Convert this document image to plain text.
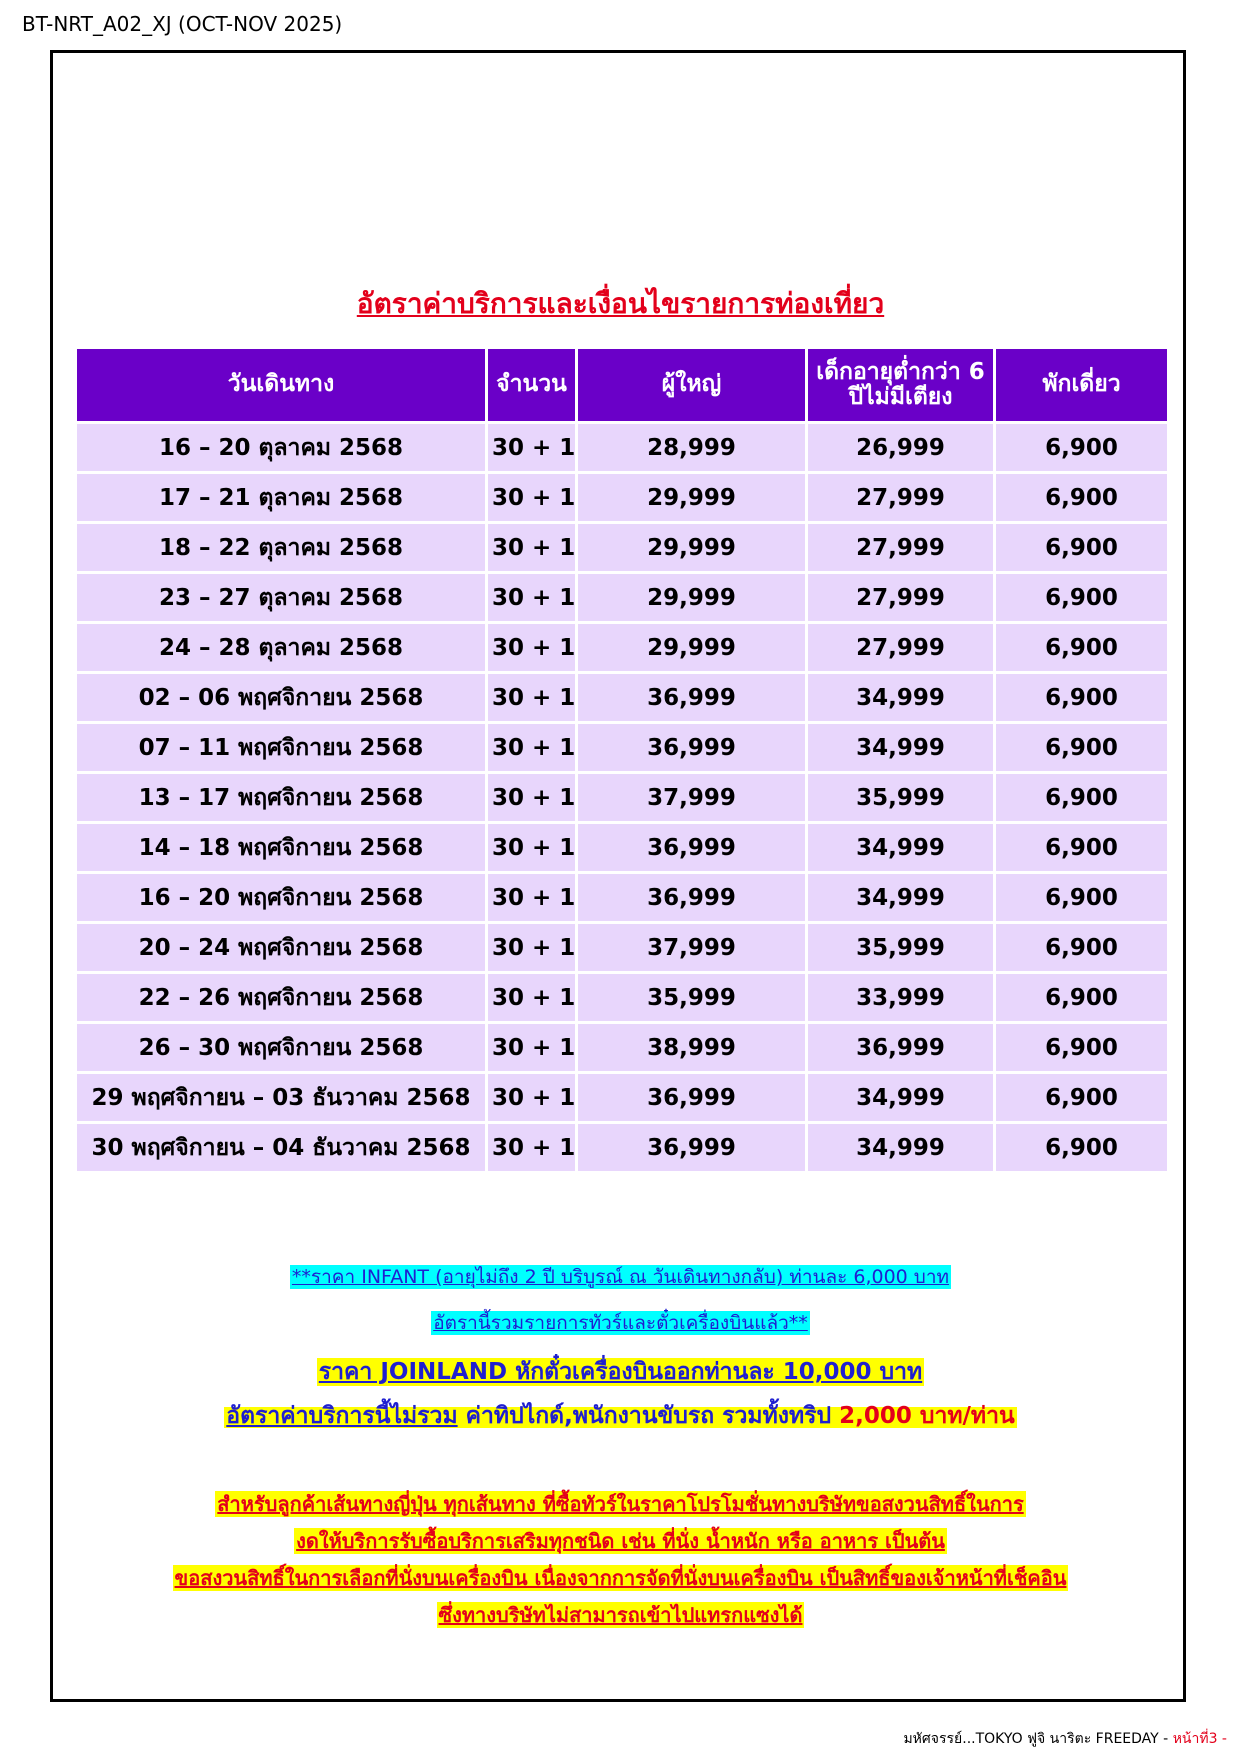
BT-NRT_A02_XJ (OCT-NOV 2025)
อัตราค่าบริการและเงื่อนไขรายการท่องเที่ยว
วันเดินทาง	จำนวน	ผู้ใหญ่	เด็กอายุต่ำกว่า 6 ปีไม่มีเตียง	พักเดี่ยว
16 – 20 ตุลาคม 2568	30 + 1	28,999	26,999	6,900
17 – 21 ตุลาคม 2568	30 + 1	29,999	27,999	6,900
18 – 22 ตุลาคม 2568	30 + 1	29,999	27,999	6,900
23 – 27 ตุลาคม 2568	30 + 1	29,999	27,999	6,900
24 – 28 ตุลาคม 2568	30 + 1	29,999	27,999	6,900
02 – 06 พฤศจิกายน 2568	30 + 1	36,999	34,999	6,900
07 – 11 พฤศจิกายน 2568	30 + 1	36,999	34,999	6,900
13 – 17 พฤศจิกายน 2568	30 + 1	37,999	35,999	6,900
14 – 18 พฤศจิกายน 2568	30 + 1	36,999	34,999	6,900
16 – 20 พฤศจิกายน 2568	30 + 1	36,999	34,999	6,900
20 – 24 พฤศจิกายน 2568	30 + 1	37,999	35,999	6,900
22 – 26 พฤศจิกายน 2568	30 + 1	35,999	33,999	6,900
26 – 30 พฤศจิกายน 2568	30 + 1	38,999	36,999	6,900
29 พฤศจิกายน – 03 ธันวาคม 2568	30 + 1	36,999	34,999	6,900
30 พฤศจิกายน – 04 ธันวาคม 2568	30 + 1	36,999	34,999	6,900
**ราคา INFANT (อายุไม่ถึง 2 ปี บริบูรณ์ ณ วันเดินทางกลับ) ท่านละ 6,000 บาท
อัตรานี้รวมรายการทัวร์และตั๋วเครื่องบินแล้ว**
ราคา JOINLAND หักตั๋วเครื่องบินออกท่านละ 10,000 บาท
อัตราค่าบริการนี้ไม่รวม ค่าทิปไกด์,พนักงานขับรถ รวมทั้งทริป 2,000 บาท/ท่าน
สำหรับลูกค้าเส้นทางญี่ปุ่น ทุกเส้นทาง ที่ซื้อทัวร์ในราคาโปรโมชั่นทางบริษัทขอสงวนสิทธิ์ในการ
งดให้บริการรับซื้อบริการเสริมทุกชนิด เช่น ที่นั่ง น้ำหนัก หรือ อาหาร เป็นต้น
ขอสงวนสิทธิ์ในการเลือกที่นั่งบนเครื่องบิน เนื่องจากการจัดที่นั่งบนเครื่องบิน เป็นสิทธิ์ของเจ้าหน้าที่เช็คอิน
ซึ่งทางบริษัทไม่สามารถเข้าไปแทรกแซงได้
มหัศจรรย์...TOKYO ฟูจิ นาริตะ FREEDAY - หน้าที่3 -
